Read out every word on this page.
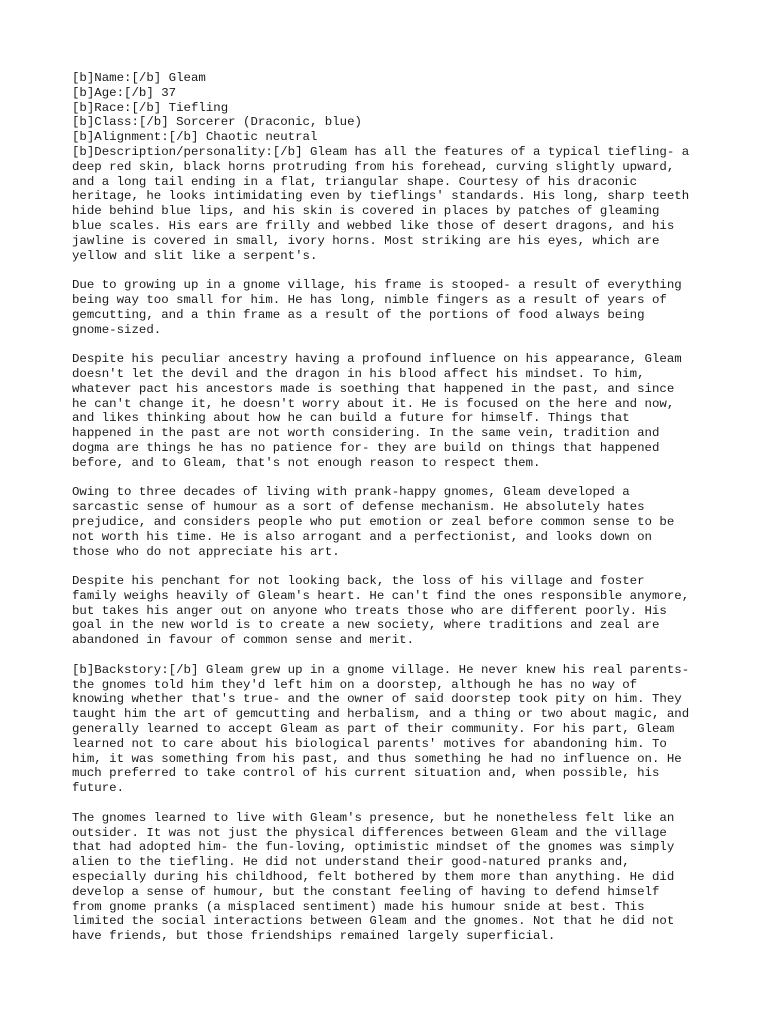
[b]Name:[/b] Gleam
[b]Age:[/b] 37
[b]Race:[/b] Tiefling
[b]Class:[/b] Sorcerer (Draconic, blue)
[b]Alignment:[/b] Chaotic neutral
[b]Description/personality:[/b] Gleam has all the features of a typical tiefling- a
deep red skin, black horns protruding from his forehead, curving slightly upward,
and a long tail ending in a flat, triangular shape. Courtesy of his draconic
heritage, he looks intimidating even by tieflings' standards. His long, sharp teeth
hide behind blue lips, and his skin is covered in places by patches of gleaming
blue scales. His ears are frilly and webbed like those of desert dragons, and his
jawline is covered in small, ivory horns. Most striking are his eyes, which are
yellow and slit like a serpent's.
Due to growing up in a gnome village, his frame is stooped- a result of everything
being way too small for him. He has long, nimble fingers as a result of years of
gemcutting, and a thin frame as a result of the portions of food always being
gnome-sized.
Despite his peculiar ancestry having a profound influence on his appearance, Gleam
doesn't let the devil and the dragon in his blood affect his mindset. To him,
whatever pact his ancestors made is soething that happened in the past, and since
he can't change it, he doesn't worry about it. He is focused on the here and now,
and likes thinking about how he can build a future for himself. Things that
happened in the past are not worth considering. In the same vein, tradition and
dogma are things he has no patience for- they are build on things that happened
before, and to Gleam, that's not enough reason to respect them.
Owing to three decades of living with prank-happy gnomes, Gleam developed a
sarcastic sense of humour as a sort of defense mechanism. He absolutely hates
prejudice, and considers people who put emotion or zeal before common sense to be
not worth his time. He is also arrogant and a perfectionist, and looks down on
those who do not appreciate his art.
Despite his penchant for not looking back, the loss of his village and foster
family weighs heavily of Gleam's heart. He can't find the ones responsible anymore,
but takes his anger out on anyone who treats those who are different poorly. His
goal in the new world is to create a new society, where traditions and zeal are
abandoned in favour of common sense and merit.
[b]Backstory:[/b] Gleam grew up in a gnome village. He never knew his real parents-
the gnomes told him they'd left him on a doorstep, although he has no way of
knowing whether that's true- and the owner of said doorstep took pity on him. They
taught him the art of gemcutting and herbalism, and a thing or two about magic, and
generally learned to accept Gleam as part of their community. For his part, Gleam
learned not to care about his biological parents' motives for abandoning him. To
him, it was something from his past, and thus something he had no influence on. He
much preferred to take control of his current situation and, when possible, his
future.
The gnomes learned to live with Gleam's presence, but he nonetheless felt like an
outsider. It was not just the physical differences between Gleam and the village
that had adopted him- the fun-loving, optimistic mindset of the gnomes was simply
alien to the tiefling. He did not understand their good-natured pranks and,
especially during his childhood, felt bothered by them more than anything. He did
develop a sense of humour, but the constant feeling of having to defend himself
from gnome pranks (a misplaced sentiment) made his humour snide at best. This
limited the social interactions between Gleam and the gnomes. Not that he did not
have friends, but those friendships remained largely superficial.
